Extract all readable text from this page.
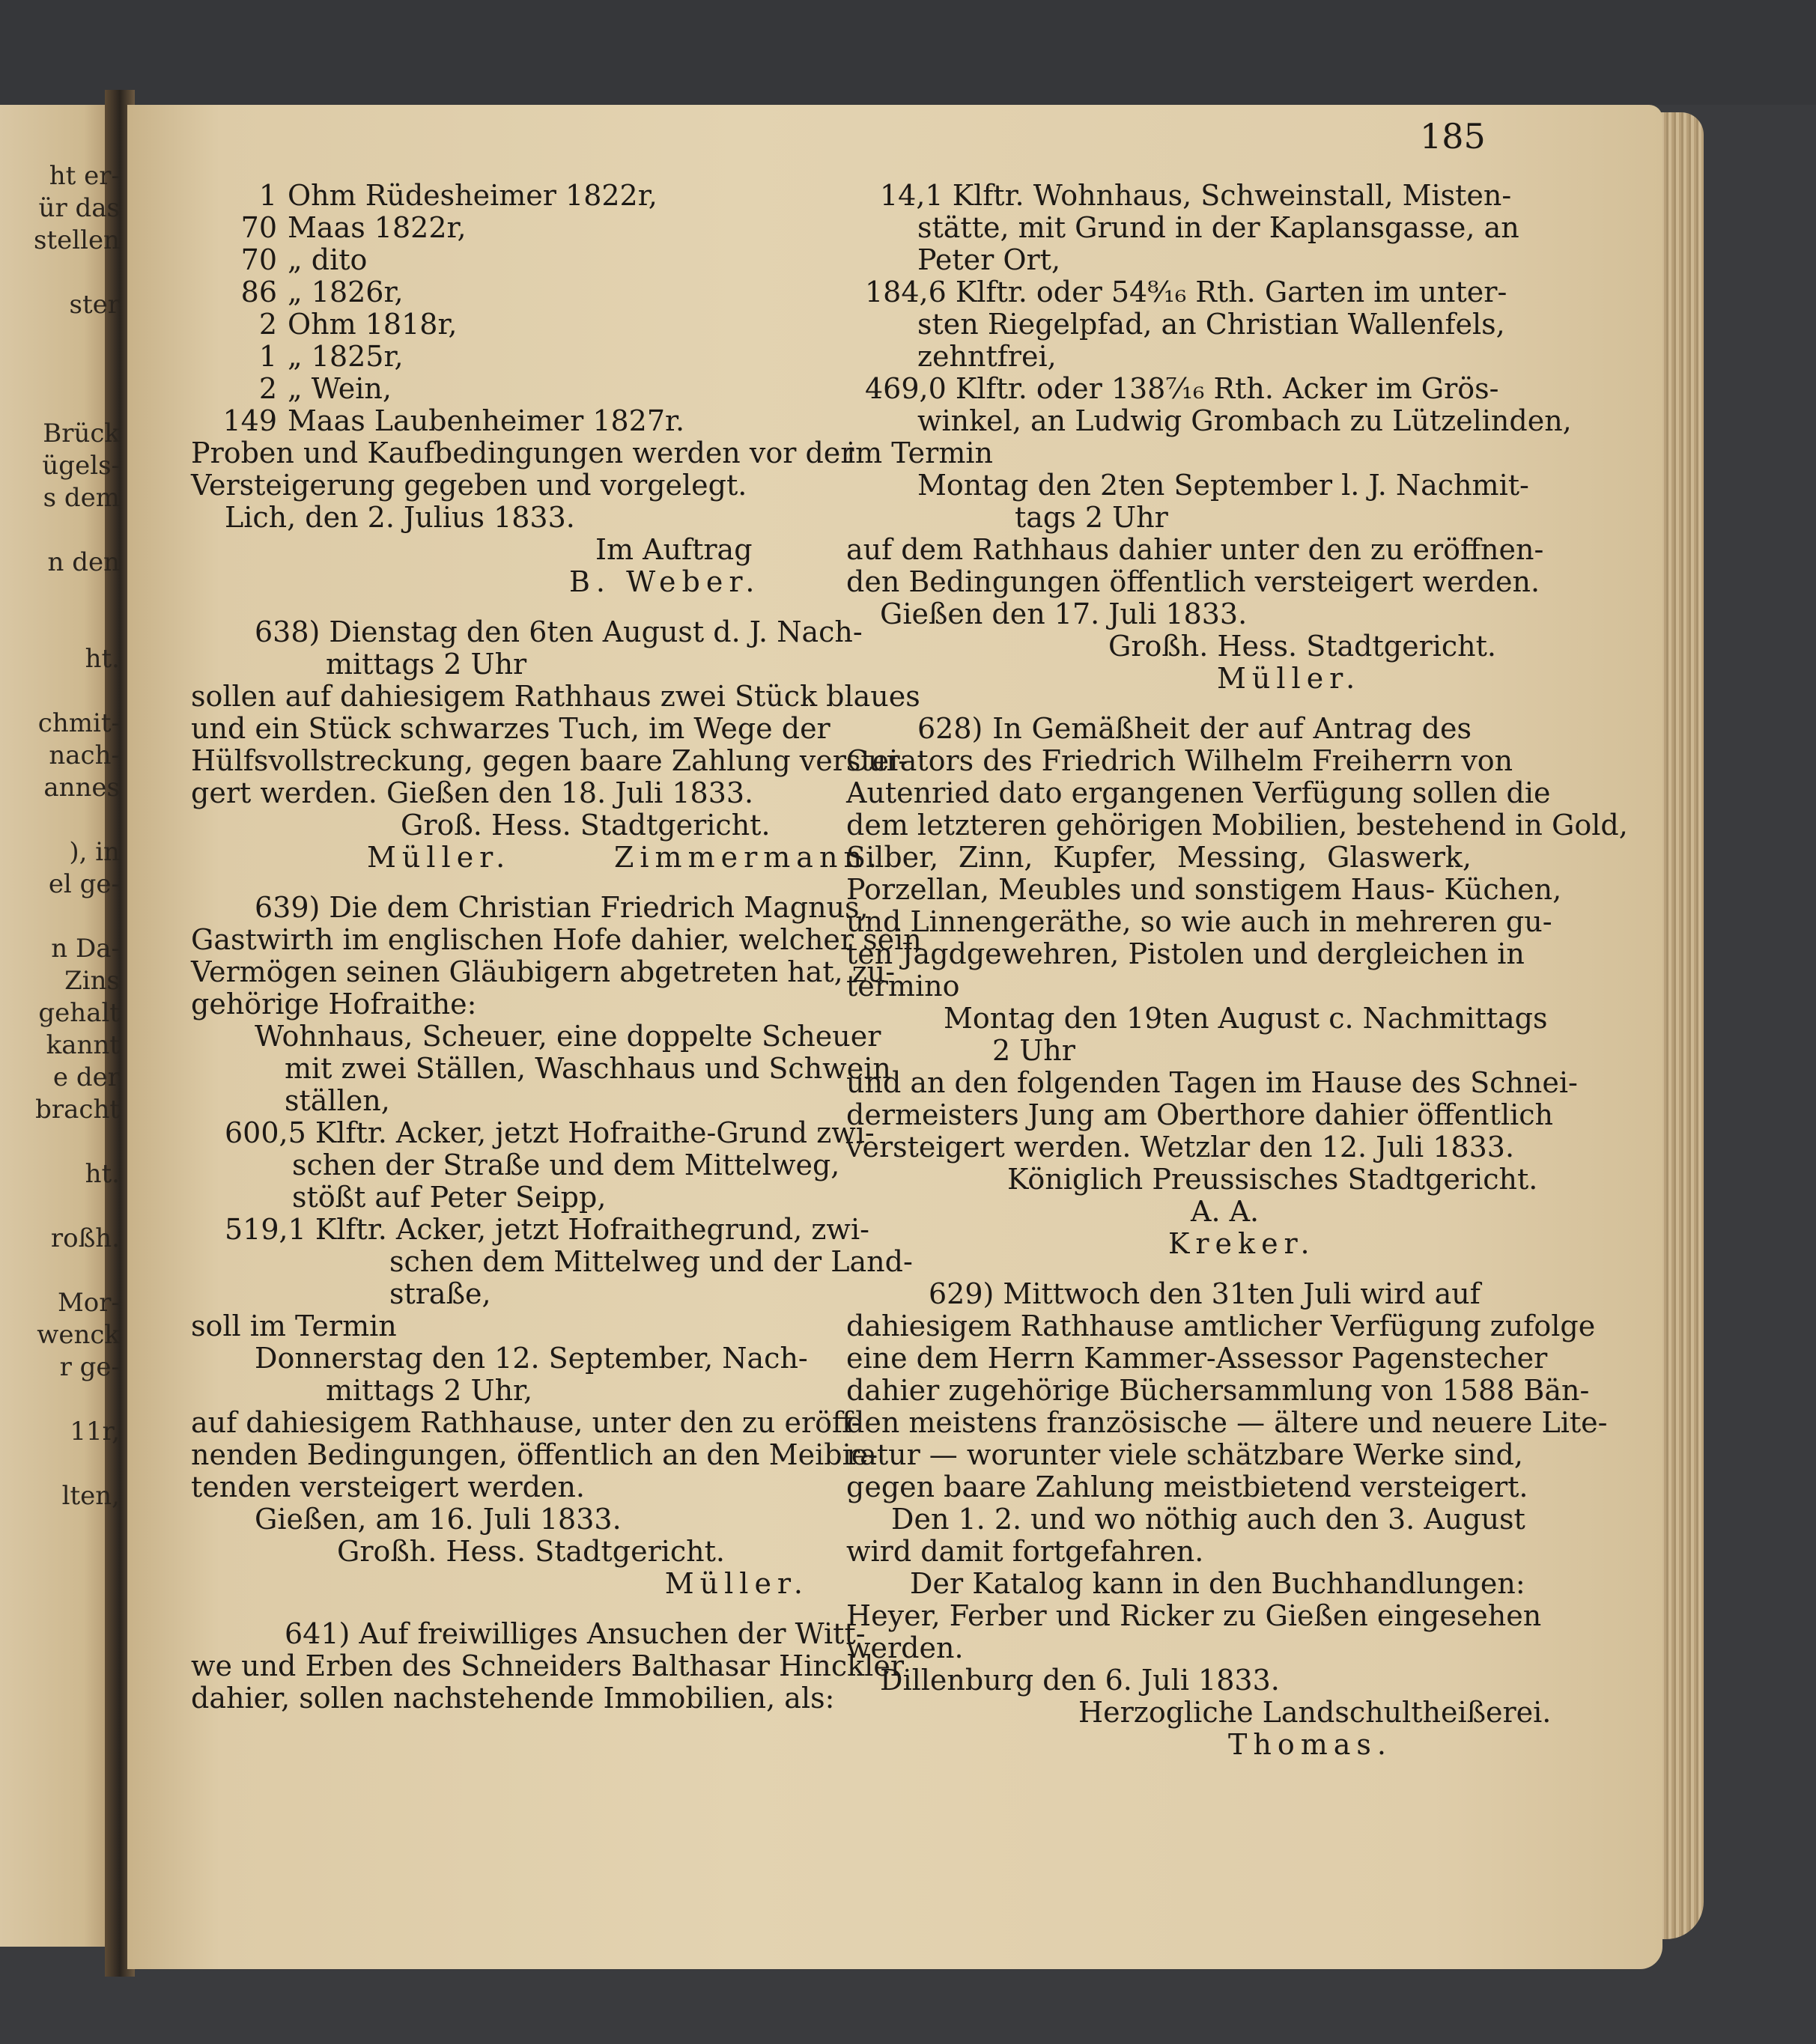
ht er-
ür das
stellen
ster
Brück
ügels-
s dem
n den
ht.
chmit-
nach-
annes
), in
el ge-
n Da-
Zins
gehalt
kannt
e der
bracht
ht.
roßh.
Mor-
wenck
r ge-
11r,
lten,
185
1 Ohm Rüdesheimer 1822r,
70 Maas 1822r,
70 „ dito
86 „ 1826r,
2 Ohm 1818r,
1 „ 1825r,
2 „ Wein,
149 Maas Laubenheimer 1827r.
Proben und Kaufbedingungen werden vor der
Versteigerung gegeben und vorgelegt.
Lich, den 2. Julius 1833.
Im Auftrag
B. Weber.
638) Dienstag den 6ten August d. J. Nach-
mittags 2 Uhr
sollen auf dahiesigem Rathhaus zwei Stück blaues
und ein Stück schwarzes Tuch, im Wege der
Hülfsvollstreckung, gegen baare Zahlung verstei-
gert werden. Gießen den 18. Juli 1833.
Groß. Hess. Stadtgericht.
Müller.	Zimmermann.
639) Die dem Christian Friedrich Magnus,
Gastwirth im englischen Hofe dahier, welcher sein
Vermögen seinen Gläubigern abgetreten hat, zu-
gehörige Hofraithe:
Wohnhaus, Scheuer, eine doppelte Scheuer
mit zwei Ställen, Waschhaus und Schwein
ställen,
600,5 Klftr. Acker, jetzt Hofraithe-Grund zwi-
schen der Straße und dem Mittelweg,
stößt auf Peter Seipp,
519,1 Klftr. Acker, jetzt Hofraithegrund, zwi-
schen dem Mittelweg und der Land-
straße,
soll im Termin
Donnerstag den 12. September, Nach-
mittags 2 Uhr,
auf dahiesigem Rathhause, unter den zu eröff-
nenden Bedingungen, öffentlich an den Meibie-
tenden versteigert werden.
Gießen, am 16. Juli 1833.
Großh. Hess. Stadtgericht.
Müller.
641) Auf freiwilliges Ansuchen der Witt-
we und Erben des Schneiders Balthasar Hinckler
dahier, sollen nachstehende Immobilien, als:
14,1 Klftr. Wohnhaus, Schweinstall, Misten-
stätte, mit Grund in der Kaplansgasse, an
Peter Ort,
184,6 Klftr. oder 54⁸⁄₁₆ Rth. Garten im unter-
sten Riegelpfad, an Christian Wallenfels,
zehntfrei,
469,0 Klftr. oder 138⁷⁄₁₆ Rth. Acker im Grös-
winkel, an Ludwig Grombach zu Lützelinden,
im Termin
Montag den 2ten September l. J. Nachmit-
tags 2 Uhr
auf dem Rathhaus dahier unter den zu eröffnen-
den Bedingungen öffentlich versteigert werden.
Gießen den 17. Juli 1833.
Großh. Hess. Stadtgericht.
Müller.
628) In Gemäßheit der auf Antrag des
Curators des Friedrich Wilhelm Freiherrn von
Autenried dato ergangenen Verfügung sollen die
dem letzteren gehörigen Mobilien, bestehend in Gold,
Silber, Zinn, Kupfer, Messing, Glaswerk,
Porzellan, Meubles und sonstigem Haus- Küchen,
und Linnengeräthe, so wie auch in mehreren gu-
ten Jagdgewehren, Pistolen und dergleichen in
termino
Montag den 19ten August c. Nachmittags
2 Uhr
und an den folgenden Tagen im Hause des Schnei-
dermeisters Jung am Oberthore dahier öffentlich
versteigert werden. Wetzlar den 12. Juli 1833.
Königlich Preussisches Stadtgericht.
A. A.
Kreker.
629) Mittwoch den 31ten Juli wird auf
dahiesigem Rathhause amtlicher Verfügung zufolge
eine dem Herrn Kammer-Assessor Pagenstecher
dahier zugehörige Büchersammlung von 1588 Bän-
den meistens französische — ältere und neuere Lite-
ratur — worunter viele schätzbare Werke sind,
gegen baare Zahlung meistbietend versteigert.
Den 1. 2. und wo nöthig auch den 3. August
wird damit fortgefahren.
Der Katalog kann in den Buchhandlungen:
Heyer, Ferber und Ricker zu Gießen eingesehen
werden.
Dillenburg den 6. Juli 1833.
Herzogliche Landschultheißerei.
Thomas.
